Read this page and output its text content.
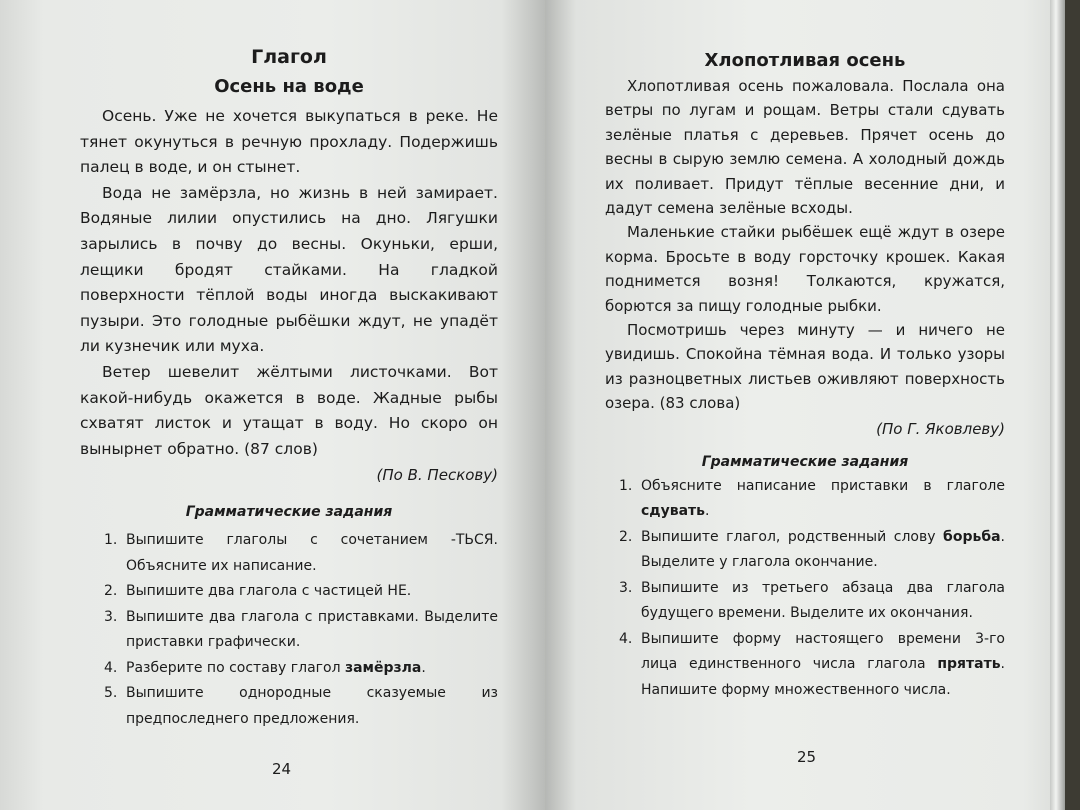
Глагол
Осень на воде

Осень. Уже не хочется выкупаться в реке. Не тянет окунуться в речную прохладу. Подержишь палец в воде, и он стынет.

Вода не замёрзла, но жизнь в ней замирает. Водяные лилии опустились на дно. Лягушки зарылись в почву до весны. Окуньки, ерши, лещики бродят стайками. На гладкой поверхности тёплой воды иногда выскакивают пузыри. Это голодные рыбёшки ждут, не упадёт ли кузнечик или муха.

Ветер шевелит жёлтыми листочками. Вот какой-нибудь окажется в воде. Жадные рыбы схватят листок и утащат в воду. Но скоро он вынырнет обратно. (87 слов)

(По В. Пескову)

Грамматические задания
1. Выпишите глаголы с сочетанием -ТЬСЯ. Объясните их написание.
2. Выпишите два глагола с частицей НЕ.
3. Выпишите два глагола с приставками. Выделите приставки графически.
4. Разберите по составу глагол замёрзла.
5. Выпишите однородные сказуемые из предпоследнего предложения.
24
Хлопотливая осень

Хлопотливая осень пожаловала. Послала она ветры по лугам и рощам. Ветры стали сдувать зелёные платья с деревьев. Прячет осень до весны в сырую землю семена. А холодный дождь их поливает. Придут тёплые весенние дни, и дадут семена зелёные всходы.

Маленькие стайки рыбёшек ещё ждут в озере корма. Бросьте в воду горсточку крошек. Какая поднимется возня! Толкаются, кружатся, борются за пищу голодные рыбки.

Посмотришь через минуту — и ничего не увидишь. Спокойна тёмная вода. И только узоры из разноцветных листьев оживляют поверхность озера. (83 слова)

(По Г. Яковлеву)

Грамматические задания
1. Объясните написание приставки в глаголе сдувать.
2. Выпишите глагол, родственный слову борьба. Выделите у глагола окончание.
3. Выпишите из третьего абзаца два глагола будущего времени. Выделите их окончания.
4. Выпишите форму настоящего времени 3-го лица единственного числа глагола прятать. Напишите форму множественного числа.
25
